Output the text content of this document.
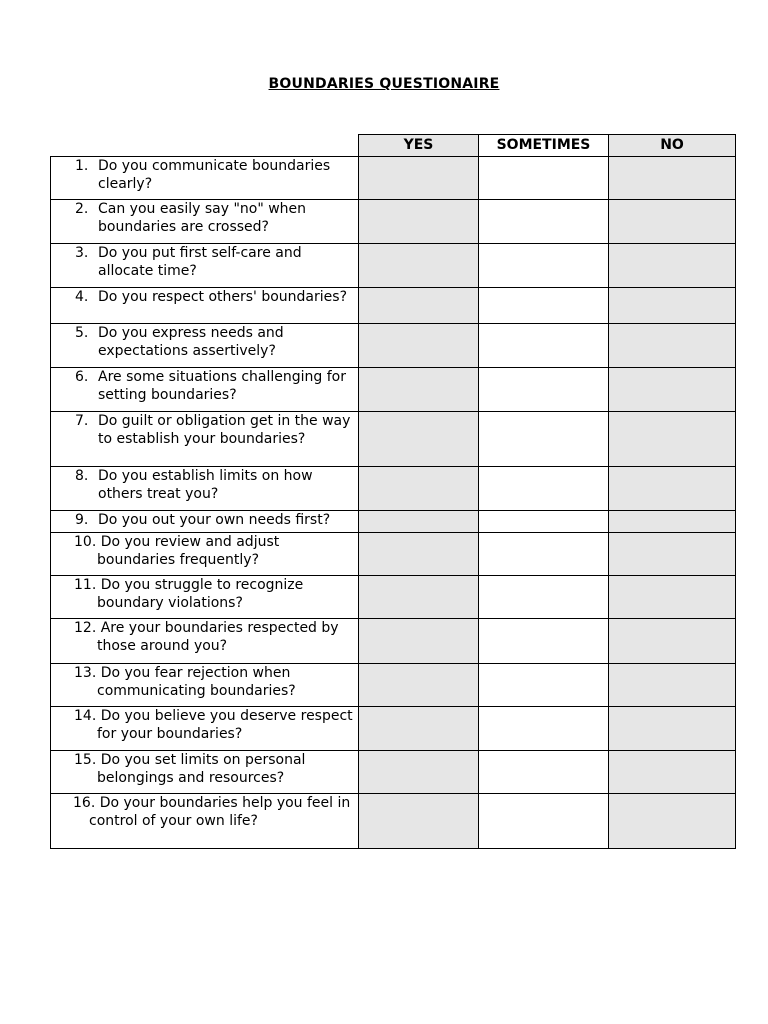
BOUNDARIES QUESTIONAIRE
	YES	SOMETIMES	NO

1. Do you communicate boundaries clearly?			

2. Can you easily say "no" when boundaries are crossed?			

3. Do you put first self-care and allocate time?			

4. Do you respect others' boundaries?			

5. Do you express needs and expectations assertively?			

6. Are some situations challenging for setting boundaries?			

7. Do guilt or obligation get in the way to establish your boundaries?			

8. Do you establish limits on how others treat you?			

9. Do you out your own needs first?			

10. Do you review and adjust boundaries frequently?			

11. Do you struggle to recognize boundary violations?			

12. Are your boundaries respected by those around you?			

13. Do you fear rejection when communicating boundaries?			

14. Do you believe you deserve respect for your boundaries?			

15. Do you set limits on personal belongings and resources?			

16. Do your boundaries help you feel in control of your own life?			
